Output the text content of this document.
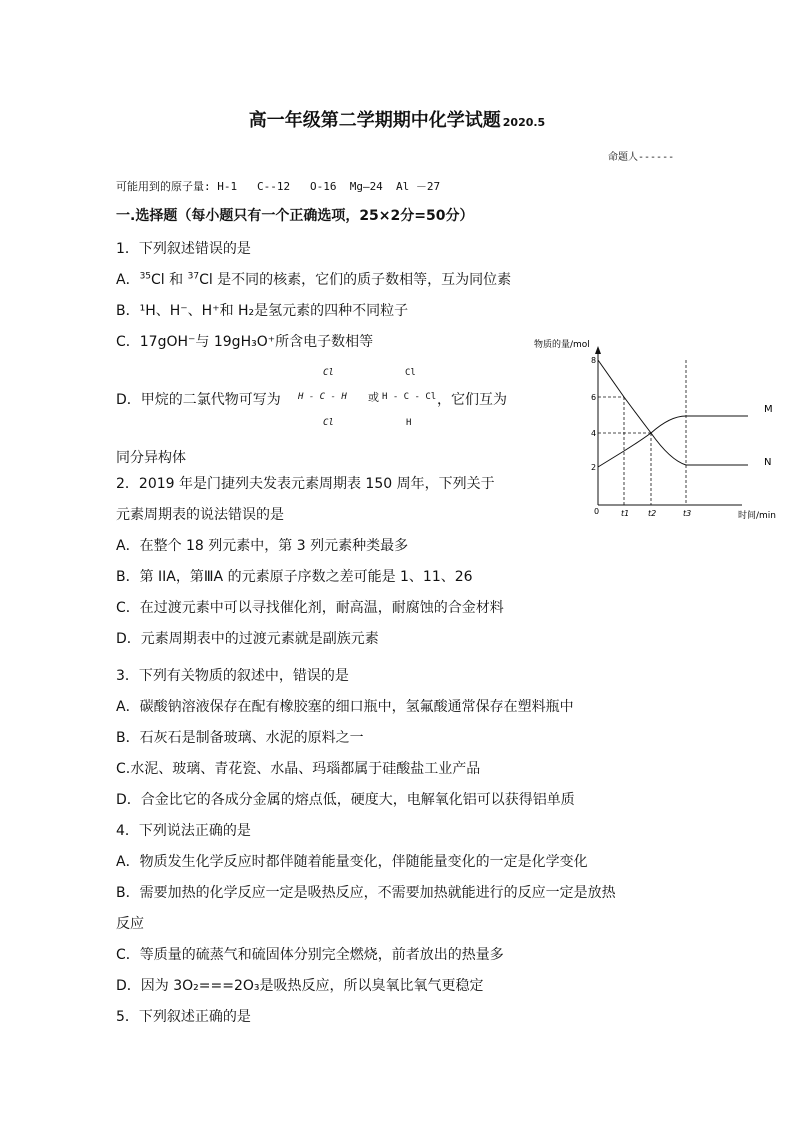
高一年级第二学期期中化学试题 2020.5
命题人------
可能用到的原子量: H-1   C--12   O-16  Mg—24  Al －27
一.选择题（每小题只有一个正确选项，25×2分=50分）
1．下列叙述错误的是
A．$^{35}$Cl 和 $^{37}$Cl 是不同的核素，它们的质子数相等，互为同位素
B．¹H、H⁻、H⁺和 H₂是氢元素的四种不同粒子
C．17gOH⁻与 19gH₃O⁺所含电子数相等
D．甲烷的二氯代物可写为
Cl
H - C - H
Cl
或
Cl
H - C - Cl
H
，它们互为
同分异构体
物质的量/mol
时间/min
0
2
4
6
8
t1 t2	t3
M
N
2．2019 年是门捷列夫发表元素周期表 150 周年，下列关于
元素周期表的说法错误的是
A．在整个 18 列元素中，第 3 列元素种类最多
B．第 IIA，第ⅢA 的元素原子序数之差可能是 1、11、26
C．在过渡元素中可以寻找催化剂，耐高温，耐腐蚀的合金材料
D．元素周期表中的过渡元素就是副族元素
3．下列有关物质的叙述中，错误的是
A．碳酸钠溶液保存在配有橡胶塞的细口瓶中，氢氟酸通常保存在塑料瓶中
B．石灰石是制备玻璃、水泥的原料之一
C.水泥、玻璃、青花瓷、水晶、玛瑙都属于硅酸盐工业产品
D．合金比它的各成分金属的熔点低，硬度大，电解氧化铝可以获得铝单质
4．下列说法正确的是
A．物质发生化学反应时都伴随着能量变化，伴随能量变化的一定是化学变化
B．需要加热的化学反应一定是吸热反应，不需要加热就能进行的反应一定是放热
反应
C．等质量的硫蒸气和硫固体分别完全燃烧，前者放出的热量多
D．因为 3O₂===2O₃是吸热反应，所以臭氧比氧气更稳定
5．下列叙述正确的是
